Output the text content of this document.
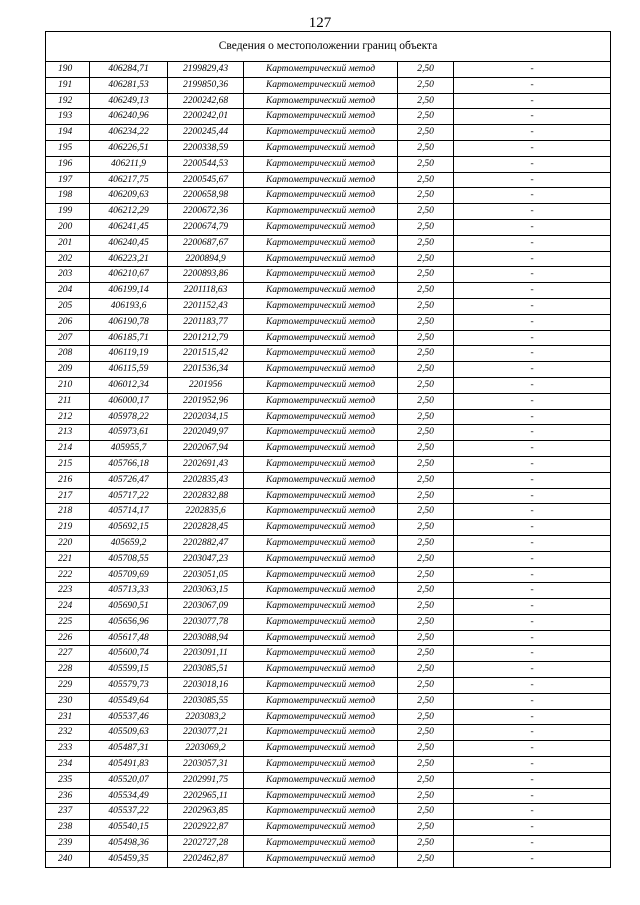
127
Сведения о местоположении границ объекта					
190	406284,71	2199829,43	Картометрический метод	2,50	-
191	406281,53	2199850,36	Картометрический метод	2,50	-
192	406249,13	2200242,68	Картометрический метод	2,50	-
193	406240,96	2200242,01	Картометрический метод	2,50	-
194	406234,22	2200245,44	Картометрический метод	2,50	-
195	406226,51	2200338,59	Картометрический метод	2,50	-
196	406211,9	2200544,53	Картометрический метод	2,50	-
197	406217,75	2200545,67	Картометрический метод	2,50	-
198	406209,63	2200658,98	Картометрический метод	2,50	-
199	406212,29	2200672,36	Картометрический метод	2,50	-
200	406241,45	2200674,79	Картометрический метод	2,50	-
201	406240,45	2200687,67	Картометрический метод	2,50	-
202	406223,21	2200894,9	Картометрический метод	2,50	-
203	406210,67	2200893,86	Картометрический метод	2,50	-
204	406199,14	2201118,63	Картометрический метод	2,50	-
205	406193,6	2201152,43	Картометрический метод	2,50	-
206	406190,78	2201183,77	Картометрический метод	2,50	-
207	406185,71	2201212,79	Картометрический метод	2,50	-
208	406119,19	2201515,42	Картометрический метод	2,50	-
209	406115,59	2201536,34	Картометрический метод	2,50	-
210	406012,34	2201956	Картометрический метод	2,50	-
211	406000,17	2201952,96	Картометрический метод	2,50	-
212	405978,22	2202034,15	Картометрический метод	2,50	-
213	405973,61	2202049,97	Картометрический метод	2,50	-
214	405955,7	2202067,94	Картометрический метод	2,50	-
215	405766,18	2202691,43	Картометрический метод	2,50	-
216	405726,47	2202835,43	Картометрический метод	2,50	-
217	405717,22	2202832,88	Картометрический метод	2,50	-
218	405714,17	2202835,6	Картометрический метод	2,50	-
219	405692,15	2202828,45	Картометрический метод	2,50	-
220	405659,2	2202882,47	Картометрический метод	2,50	-
221	405708,55	2203047,23	Картометрический метод	2,50	-
222	405709,69	2203051,05	Картометрический метод	2,50	-
223	405713,33	2203063,15	Картометрический метод	2,50	-
224	405690,51	2203067,09	Картометрический метод	2,50	-
225	405656,96	2203077,78	Картометрический метод	2,50	-
226	405617,48	2203088,94	Картометрический метод	2,50	-
227	405600,74	2203091,11	Картометрический метод	2,50	-
228	405599,15	2203085,51	Картометрический метод	2,50	-
229	405579,73	2203018,16	Картометрический метод	2,50	-
230	405549,64	2203085,55	Картометрический метод	2,50	-
231	405537,46	2203083,2	Картометрический метод	2,50	-
232	405509,63	2203077,21	Картометрический метод	2,50	-
233	405487,31	2203069,2	Картометрический метод	2,50	-
234	405491,83	2203057,31	Картометрический метод	2,50	-
235	405520,07	2202991,75	Картометрический метод	2,50	-
236	405534,49	2202965,11	Картометрический метод	2,50	-
237	405537,22	2202963,85	Картометрический метод	2,50	-
238	405540,15	2202922,87	Картометрический метод	2,50	-
239	405498,36	2202727,28	Картометрический метод	2,50	-
240	405459,35	2202462,87	Картометрический метод	2,50	-
